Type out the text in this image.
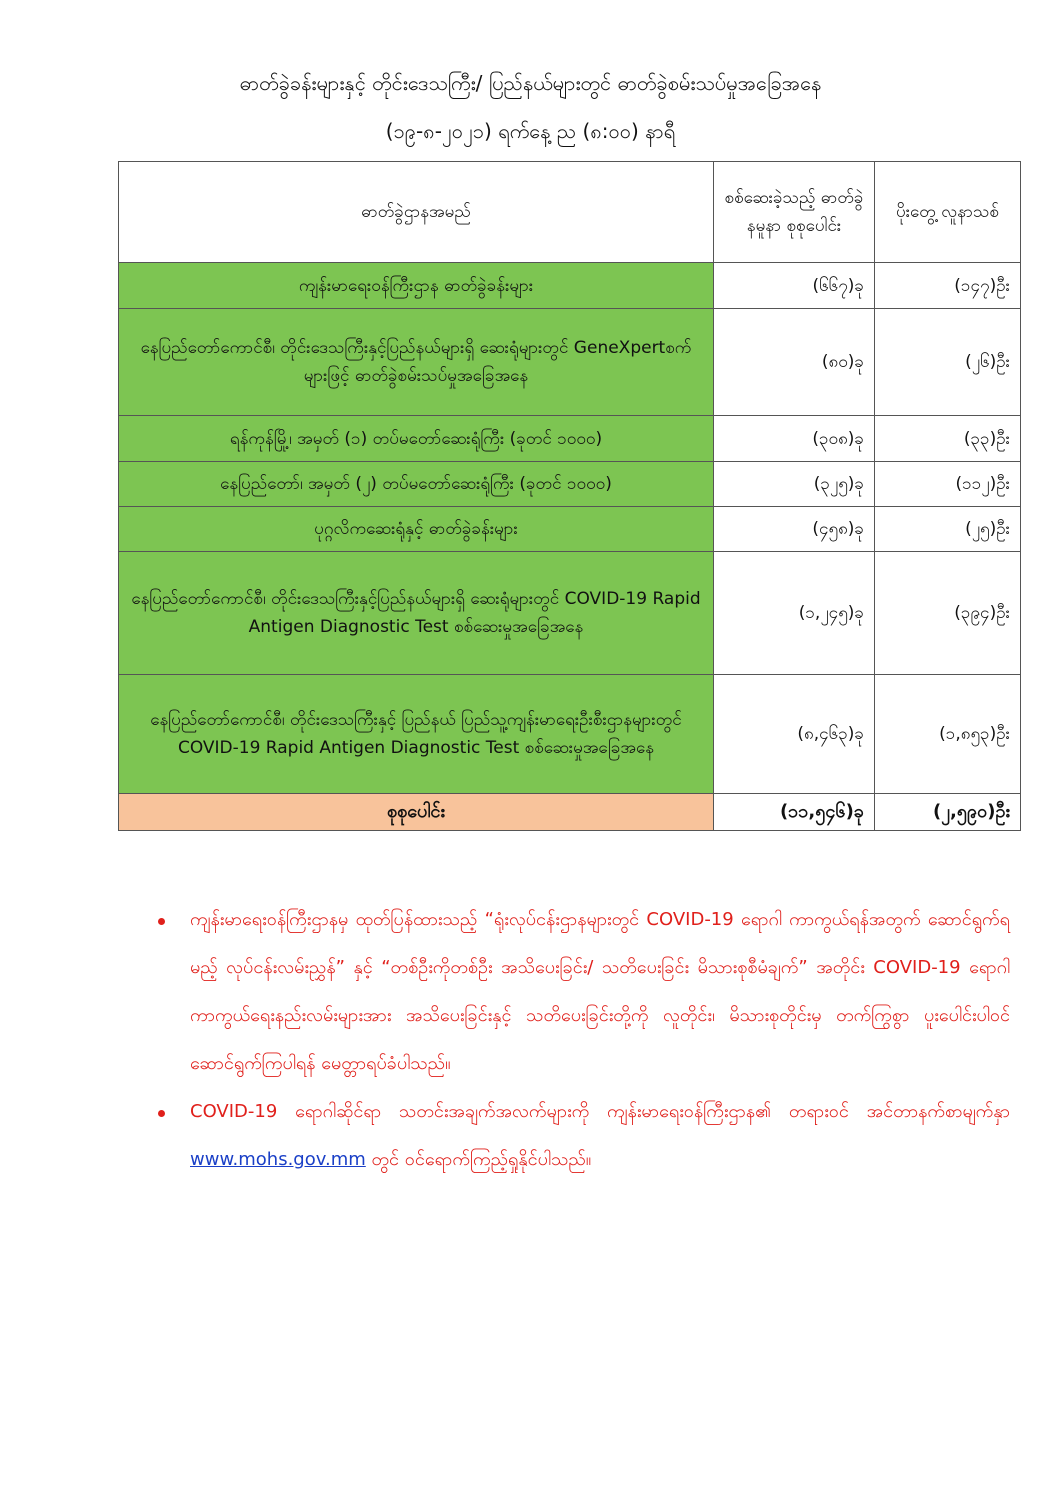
ဓာတ်ခွဲခန်းများနှင့် တိုင်းဒေသကြီး/ ပြည်နယ်များတွင် ဓာတ်ခွဲစမ်းသပ်မှုအခြေအနေ
(၁၉-၈-၂၀၂၁) ရက်နေ့ ည (၈:၀၀) နာရီ
ဓာတ်ခွဲဌာနအမည်	စစ်ဆေးခဲ့သည့် ဓာတ်ခွဲနမူနာ စုစုပေါင်း	ပိုးတွေ့ လူနာသစ်
ကျန်းမာရေးဝန်ကြီးဌာန ဓာတ်ခွဲခန်းများ	(၆၆၇)ခု	(၁၄၇)ဦး
နေပြည်တော်ကောင်စီ၊ တိုင်းဒေသကြီးနှင့်ပြည်နယ်များရှိ ဆေးရုံများတွင် GeneXpertစက်များဖြင့် ဓာတ်ခွဲစမ်းသပ်မှုအခြေအနေ	(၈၀)ခု	(၂၆)ဦး
ရန်ကုန်မြို့၊ အမှတ် (၁) တပ်မတော်ဆေးရုံကြီး (ခုတင် ၁၀၀၀)	(၃၀၈)ခု	(၃၃)ဦး
နေပြည်တော်၊ အမှတ် (၂) တပ်မတော်ဆေးရုံကြီး (ခုတင် ၁၀၀၀)	(၃၂၅)ခု	(၁၁၂)ဦး
ပုဂ္ဂလိကဆေးရုံနှင့် ဓာတ်ခွဲခန်းများ	(၄၅၈)ခု	(၂၅)ဦး
နေပြည်တော်ကောင်စီ၊ တိုင်းဒေသကြီးနှင့်ပြည်နယ်များရှိ ဆေးရုံများတွင် COVID-19 Rapid Antigen Diagnostic Test စစ်ဆေးမှုအခြေအနေ	(၁,၂၄၅)ခု	(၃၉၄)ဦး
နေပြည်တော်ကောင်စီ၊ တိုင်းဒေသကြီးနှင့် ပြည်နယ် ပြည်သူ့ကျန်းမာရေးဦးစီးဌာနများတွင် COVID-19 Rapid Antigen Diagnostic Test စစ်ဆေးမှုအခြေအနေ	(၈,၄၆၃)ခု	(၁,၈၅၃)ဦး
စုစုပေါင်း	(၁၁,၅၄၆)ခု	(၂,၅၉၀)ဦး
ကျန်းမာရေးဝန်ကြီးဌာနမှ ထုတ်ပြန်ထားသည့် “ရုံးလုပ်ငန်းဌာနများတွင် COVID-19 ရောဂါ ကာကွယ်ရန်အတွက် ဆောင်ရွက်ရမည့် လုပ်ငန်းလမ်းညွှန်” နှင့် “တစ်ဦးကိုတစ်ဦး အသိပေးခြင်း/ သတိပေးခြင်း မိသားစုစီမံချက်” အတိုင်း COVID-19 ရောဂါ ကာကွယ်ရေးနည်းလမ်းများအား အသိပေးခြင်းနှင့် သတိပေးခြင်းတို့ကို လူတိုင်း၊ မိသားစုတိုင်းမှ တက်ကြွစွာ ပူးပေါင်းပါဝင် ဆောင်ရွက်ကြပါရန် မေတ္တာရပ်ခံပါသည်။
COVID-19 ရောဂါဆိုင်ရာ သတင်းအချက်အလက်များကို ကျန်းမာရေးဝန်ကြီးဌာန၏ တရားဝင် အင်တာနက်စာမျက်နှာ www.mohs.gov.mm တွင် ဝင်ရောက်ကြည့်ရှုနိုင်ပါသည်။
